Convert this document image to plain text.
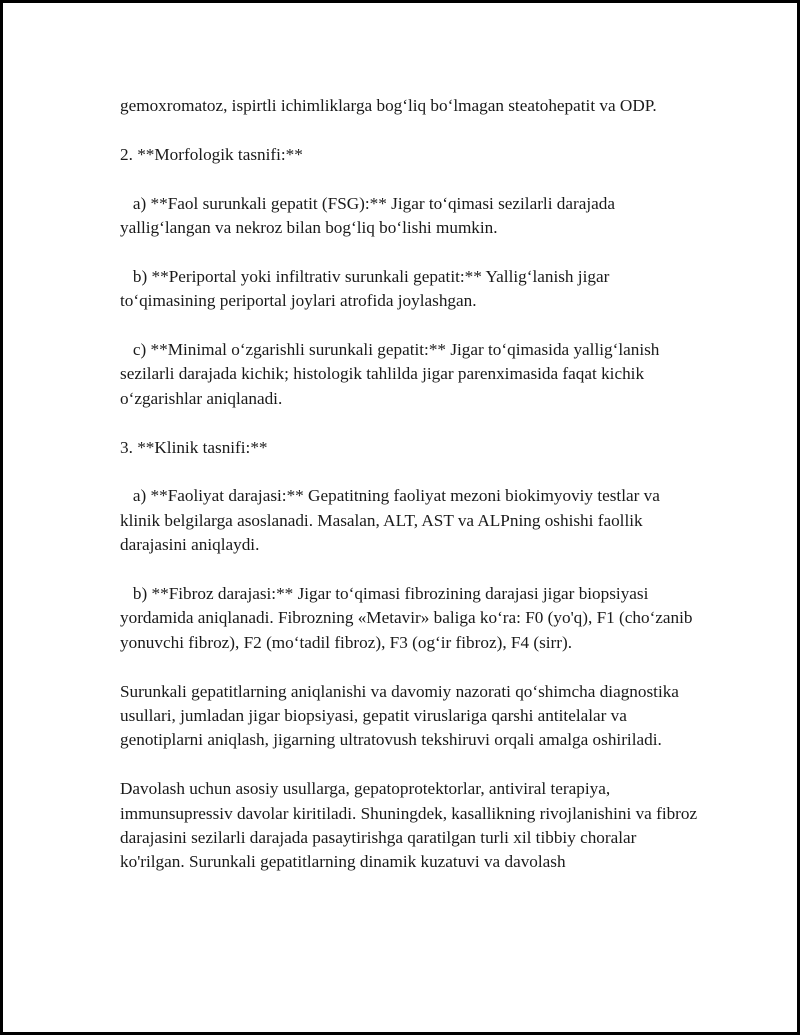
gemoxromatoz, ispirtli ichimliklarga bog‘liq bo‘lmagan steatohepatit va ODP.

2. **Morfologik tasnifi:**

a) **Faol surunkali gepatit (FSG):** Jigar to‘qimasi sezilarli darajada yallig‘langan va nekroz bilan bog‘liq bo‘lishi mumkin.

b) **Periportal yoki infiltrativ surunkali gepatit:** Yallig‘lanish jigar to‘qimasining periportal joylari atrofida joylashgan.

c) **Minimal o‘zgarishli surunkali gepatit:** Jigar to‘qimasida yallig‘lanish sezilarli darajada kichik; histologik tahlilda jigar parenximasida faqat kichik o‘zgarishlar aniqlanadi.

3. **Klinik tasnifi:**

a) **Faoliyat darajasi:** Gepatitning faoliyat mezoni biokimyoviy testlar va klinik belgilarga asoslanadi. Masalan, ALT, AST va ALPning oshishi faollik darajasini aniqlaydi.

b) **Fibroz darajasi:** Jigar to‘qimasi fibrozining darajasi jigar biopsiyasi yordamida aniqlanadi. Fibrozning «Metavir» baliga ko‘ra: F0 (yo'q), F1 (cho‘zanib yonuvchi fibroz), F2 (mo‘tadil fibroz), F3 (og‘ir fibroz), F4 (sirr).

Surunkali gepatitlarning aniqlanishi va davomiy nazorati qo‘shimcha diagnostika usullari, jumladan jigar biopsiyasi, gepatit viruslariga qarshi antitelalar va genotiplarni aniqlash, jigarning ultratovush tekshiruvi orqali amalga oshiriladi.

Davolash uchun asosiy usullarga, gepatoprotektorlar, antiviral terapiya, immunsupressiv davolar kiritiladi. Shuningdek, kasallikning rivojlanishini va fibroz darajasini sezilarli darajada pasaytirishga qaratilgan turli xil tibbiy choralar ko'rilgan. Surunkali gepatitlarning dinamik kuzatuvi va davolash
